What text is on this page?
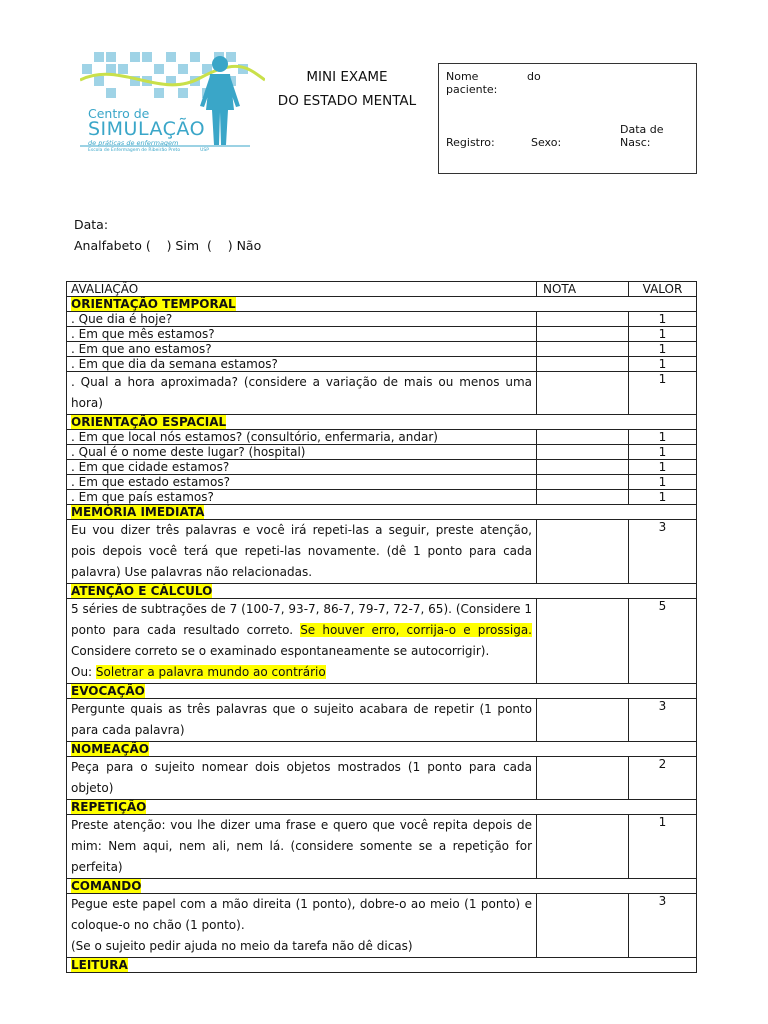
Centro de
SIMULAÇÃO
de práticas de enfermagem
Escola de Enfermagem de Ribeirão Preto	USP
MINI EXAME
DO ESTADO MENTAL
Nome	do
paciente:
Data de
Registro:	Sexo:	Nasc:
Data:
Analfabeto (    ) Sim  (    ) Não
AVALIAÇÃO	NOTA	VALOR
ORIENTAÇÃO TEMPORAL		
. Que dia é hoje?		1
. Em que mês estamos?		1
. Em que ano estamos?		1
. Em que dia da semana estamos?		1
. Qual a hora aproximada? (considere a variação de mais ou menos uma hora)		1
ORIENTAÇÃO ESPACIAL		
. Em que local nós estamos? (consultório, enfermaria, andar)		1
. Qual é o nome deste lugar? (hospital)		1
. Em que cidade estamos?		1
. Em que estado estamos?		1
. Em que país estamos?		1
MEMÓRIA IMEDIATA		
Eu vou dizer três palavras e você irá repeti-las a seguir, preste atenção, pois depois você terá que repeti-las novamente. (dê 1 ponto para cada palavra) Use palavras não relacionadas.		3
ATENÇÃO E CÁLCULO		
5 séries de subtrações de 7 (100-7, 93-7, 86-7, 79-7, 72-7, 65). (Considere 1 ponto para cada resultado correto. Se houver erro, corrija-o e prossiga. Considere correto se o examinado espontaneamente se autocorrigir).
Ou: Soletrar a palavra mundo ao contrário		5
EVOCAÇÃO		
Pergunte quais as três palavras que o sujeito acabara de repetir (1 ponto para cada palavra)		3
NOMEAÇÃO		
Peça para o sujeito nomear dois objetos mostrados (1 ponto para cada objeto)		2
REPETIÇÃO		
Preste atenção: vou lhe dizer uma frase e quero que você repita depois de mim: Nem aqui, nem ali, nem lá. (considere somente se a repetição for perfeita)		1
COMANDO		
Pegue este papel com a mão direita (1 ponto), dobre-o ao meio (1 ponto) e coloque-o no chão (1 ponto).
(Se o sujeito pedir ajuda no meio da tarefa não dê dicas)		3
LEITURA		
